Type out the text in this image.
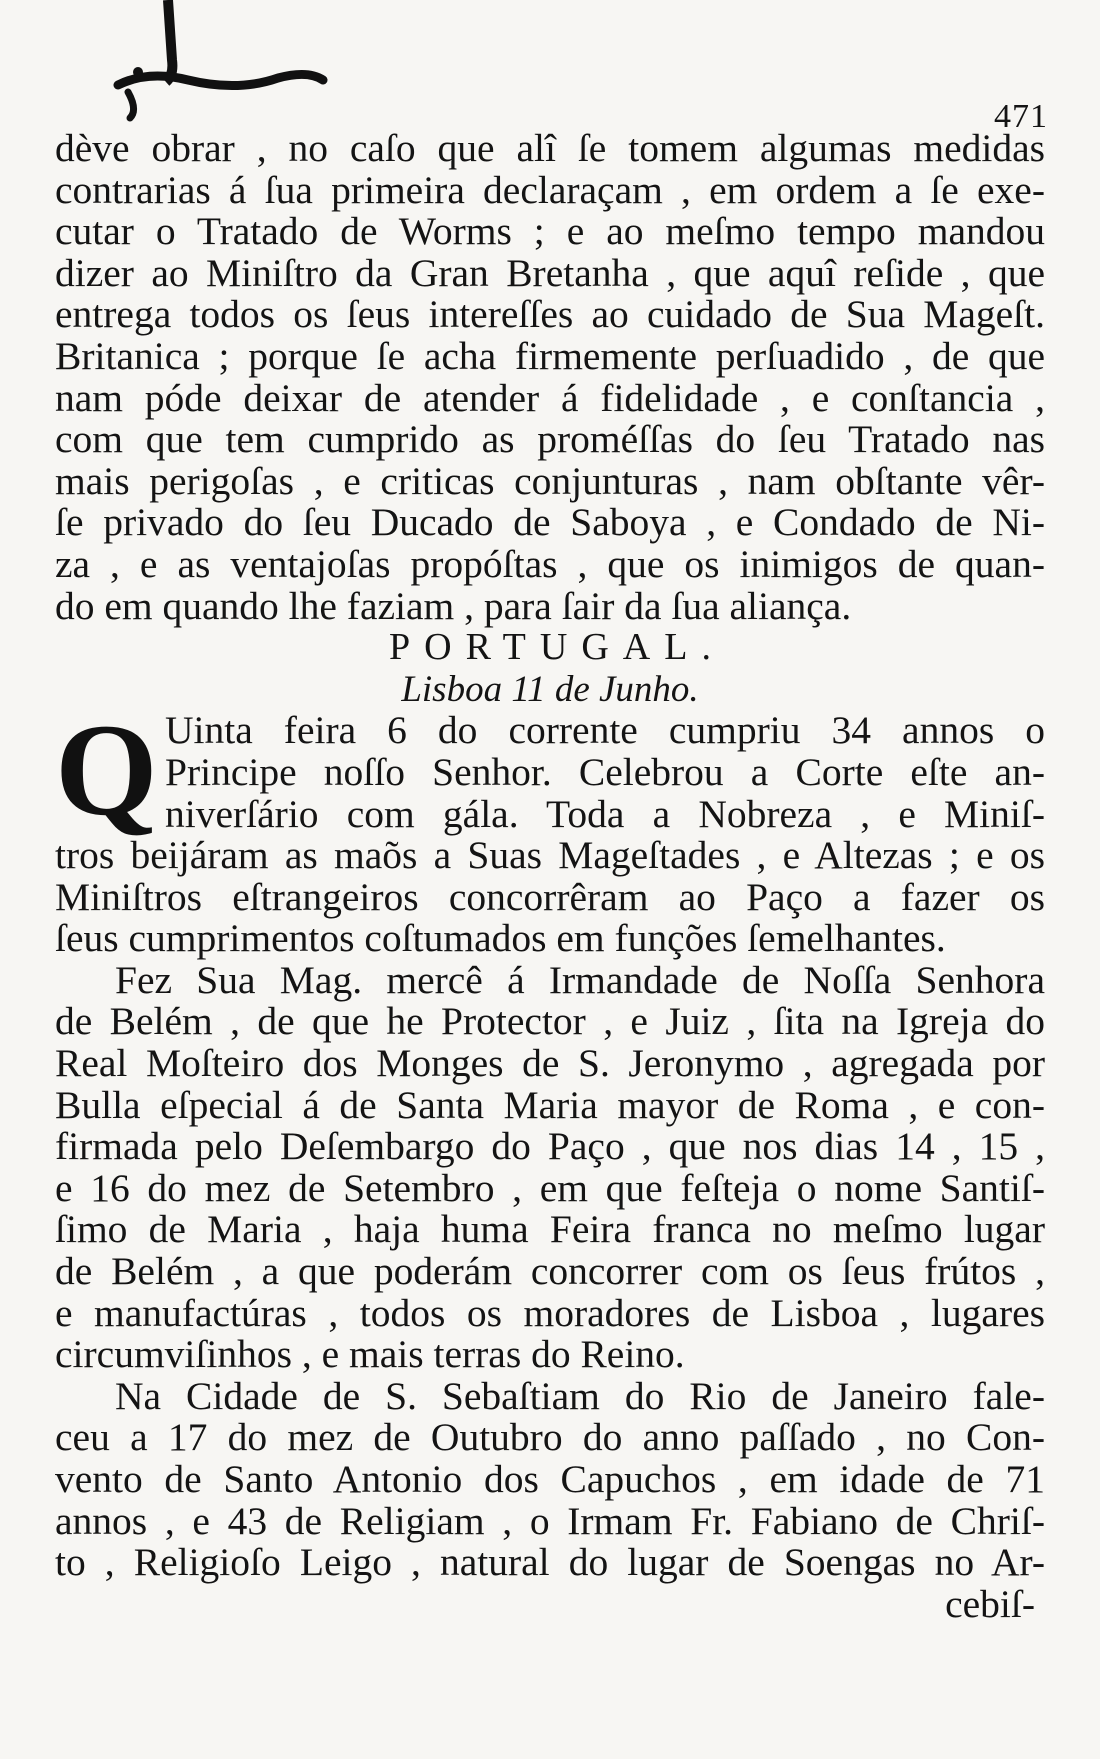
471
dève obrar , no caſo que alî ſe tomem algumas medidas
contrarias á ſua primeira declaraçam , em ordem a ſe exe-
cutar o Tratado de Worms ; e ao meſmo tempo mandou
dizer ao Miniſtro da Gran Bretanha , que aquî reſide , que
entrega todos os ſeus intereſſes ao cuidado de Sua Mageſt.
Britanica ; porque ſe acha firmemente perſuadido , de que
nam póde deixar de atender á fidelidade , e conſtancia ,
com que tem cumprido as proméſſas do ſeu Tratado nas
mais perigoſas , e criticas conjunturas , nam obſtante vêr-
ſe privado do ſeu Ducado de Saboya , e Condado de Ni-
za , e as ventajoſas propóſtas , que os inimigos de quan-
do em quando lhe faziam , para ſair da ſua aliança.
PORTUGAL.
Lisboa 11 de Junho.
Q Uinta feira 6 do corrente cumpriu 34 annos o
Principe noſſo Senhor. Celebrou a Corte eſte an-
niverſário com gála. Toda a Nobreza , e Miniſ-
tros beijáram as maõs a Suas Mageſtades , e Altezas ; e os
Miniſtros eſtrangeiros concorrêram ao Paço a fazer os
ſeus cumprimentos coſtumados em funções ſemelhantes.
Fez Sua Mag. mercê á Irmandade de Noſſa Senhora
de Belém , de que he Protector , e Juiz , ſita na Igreja do
Real Moſteiro dos Monges de S. Jeronymo , agregada por
Bulla eſpecial á de Santa Maria mayor de Roma , e con-
firmada pelo Deſembargo do Paço , que nos dias 14 , 15 ,
e 16 do mez de Setembro , em que feſteja o nome Santiſ-
ſimo de Maria , haja huma Feira franca no meſmo lugar
de Belém , a que poderám concorrer com os ſeus frútos ,
e manufactúras , todos os moradores de Lisboa , lugares
circumviſinhos , e mais terras do Reino.
Na Cidade de S. Sebaſtiam do Rio de Janeiro fale-
ceu a 17 do mez de Outubro do anno paſſado , no Con-
vento de Santo Antonio dos Capuchos , em idade de 71
annos , e 43 de Religiam , o Irmam Fr. Fabiano de Chriſ-
to , Religioſo Leigo , natural do lugar de Soengas no Ar-
cebiſ-
